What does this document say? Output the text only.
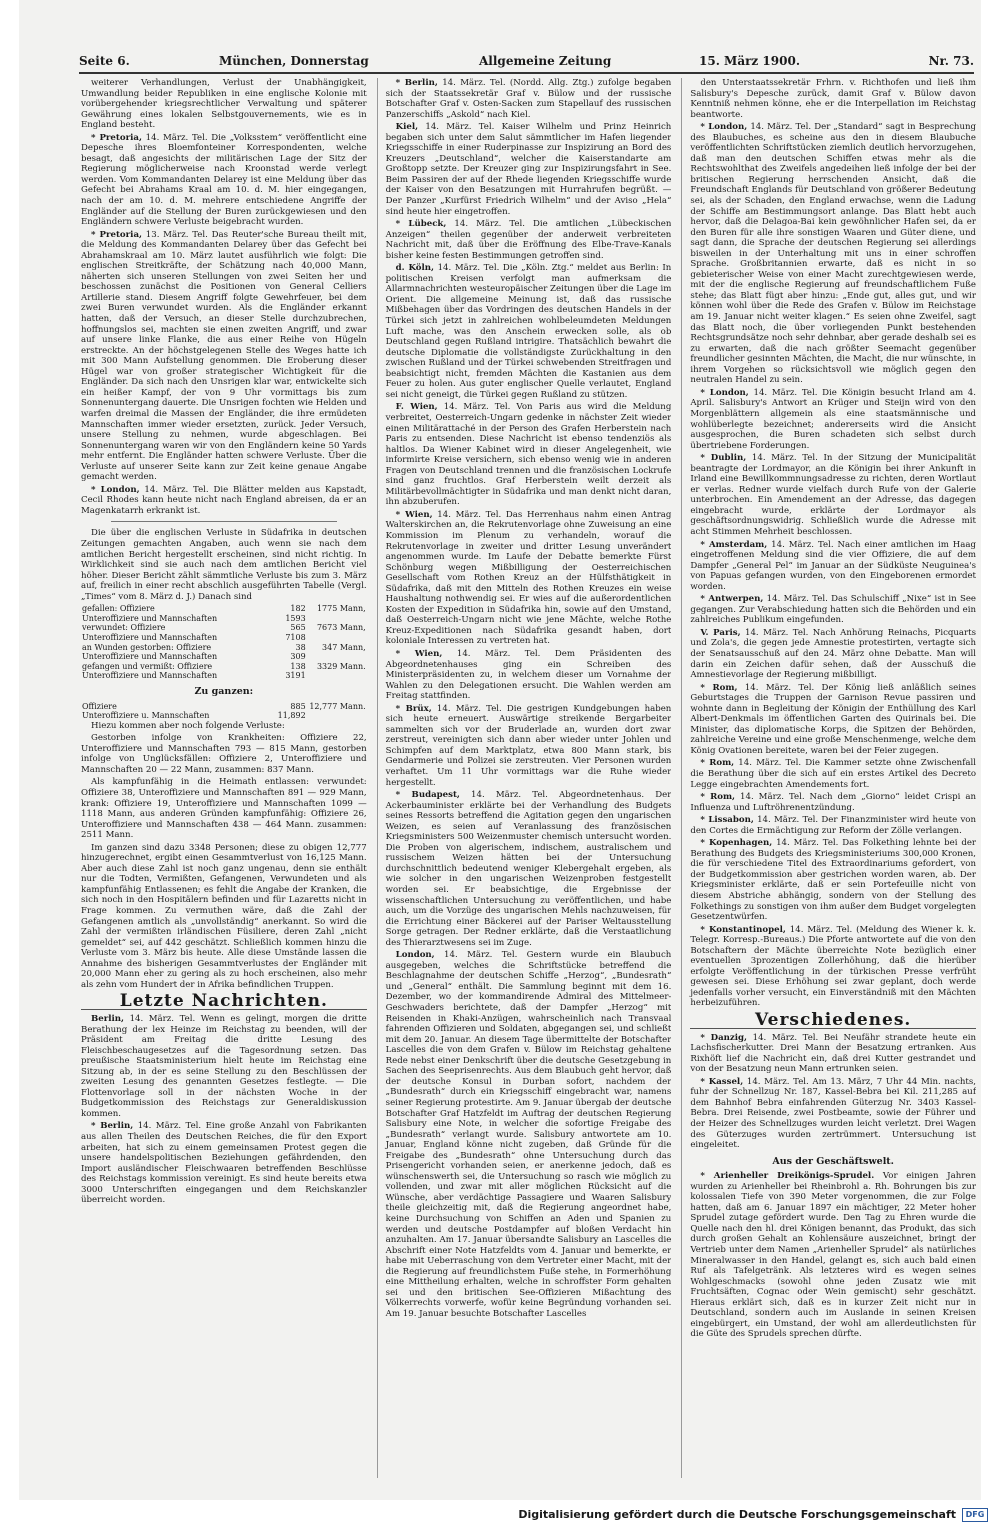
Seite 6.	München, Donnerstag	Allgemeine Zeitung	15. März 1900.	Nr. 73.

weiterer Verhandlungen, Verlust der Unabhängigkeit, Umwandlung beider Republiken in eine englische Kolonie mit vorübergehender kriegsrechtlicher Verwaltung und späterer Gewährung eines lokalen Selbstgouvernements, wie es in England besteht.

* Pretoria, 14. März. Tel. Die „Volksstem“ veröffentlicht eine Depesche ihres Bloemfonteiner Korrespondenten, welche besagt, daß angesichts der militärischen Lage der Sitz der Regierung möglicherweise nach Kroonstad werde verlegt werden. Vom Kommandanten Delarey ist eine Meldung über das Gefecht bei Abrahams Kraal am 10. d. M. hier eingegangen, nach der am 10. d. M. mehrere entschiedene Angriffe der Engländer auf die Stellung der Buren zurückgewiesen und den Engländern schwere Verluste beigebracht wurden.

* Pretoria, 13. März. Tel. Das Reuter'sche Bureau theilt mit, die Meldung des Kommandanten Delarey über das Gefecht bei Abrahamskraal am 10. März lautet ausführlich wie folgt: Die englischen Streitkräfte, der Schätzung nach 40,000 Mann, näherten sich unseren Stellungen von zwei Seiten her und beschossen zunächst die Positionen von General Celliers Artillerie stand. Diesem Angriff folgte Gewehrfeuer, bei dem zwei Buren verwundet wurden. Als die Engländer erkannt hatten, daß der Versuch, an dieser Stelle durchzubrechen, hoffnungslos sei, machten sie einen zweiten Angriff, und zwar auf unsere linke Flanke, die aus einer Reihe von Hügeln erstreckte. An der höchstgelegenen Stelle des Weges hatte ich mit 300 Mann Aufstellung genommen. Die Eroberung dieser Hügel war von großer strategischer Wichtigkeit für die Engländer. Da sich nach den Unsrigen klar war, entwickelte sich ein heißer Kampf, der von 9 Uhr vormittags bis zum Sonnenuntergang dauerte. Die Unsrigen fochten wie Helden und warfen dreimal die Massen der Engländer, die ihre ermüdeten Mannschaften immer wieder ersetzten, zurück. Jeder Versuch, unsere Stellung zu nehmen, wurde abgeschlagen. Bei Sonnenuntergang waren wir von den Engländern keine 50 Yards mehr entfernt. Die Engländer hatten schwere Verluste. Über die Verluste auf unserer Seite kann zur Zeit keine genaue Angabe gemacht werden.

* London, 14. März. Tel. Die Blätter melden aus Kapstadt, Cecil Rhodes kann heute nicht nach England abreisen, da er an Magenkatarrh erkrankt ist.

Die über die englischen Verluste in Südafrika in deutschen Zeitungen gemachten Angaben, auch wenn sie nach dem amtlichen Bericht hergestellt erscheinen, sind nicht richtig. In Wirklichkeit sind sie auch nach dem amtlichen Bericht viel höher. Dieser Bericht zählt sämmtliche Verluste bis zum 3. März auf, freilich in einer recht abschlich ausgeführten Tabelle (Vergl. „Times“ vom 8. März d. J.) Danach sind

gefallen: Offiziere	182	1775 Mann,
Unteroffiziere und Mannschaften	1593	
verwundet: Offiziere	565	7673 Mann,
Unteroffiziere und Mannschaften	7108	
an Wunden gestorben: Offiziere	38	347 Mann,
Unteroffiziere und Mannschaften	309	
gefangen und vermißt: Offiziere	138	3329 Mann.
Unteroffiziere und Mannschaften	3191	
Zu ganzen:
Offiziere	885	12,777 Mann.
Unteroffiziere u. Mannschaften	11,892	

Hiezu kommen aber noch folgende Verluste:

Gestorben infolge von Krankheiten: Offiziere 22, Unteroffiziere und Mannschaften 793 — 815 Mann, gestorben infolge von Unglücksfällen: Offiziere 2, Unteroffiziere und Mannschaften 20 — 22 Mann, zusammen: 837 Mann.

Als kampfunfähig in die Heimath entlassen: verwundet: Offiziere 38, Unteroffiziere und Mannschaften 891 — 929 Mann, krank: Offiziere 19, Unteroffiziere und Mannschaften 1099 — 1118 Mann, aus anderen Gründen kampfunfähig: Offiziere 26, Unteroffiziere und Mannschaften 438 — 464 Mann. zusammen: 2511 Mann.

Im ganzen sind dazu 3348 Personen; diese zu obigen 12,777 hinzugerechnet, ergibt einen Gesammtverlust von 16,125 Mann. Aber auch diese Zahl ist noch ganz ungenau, denn sie enthält nur die Todten, Vermißten, Gefangenen, Verwundeten und als kampfunfähig Entlassenen; es fehlt die Angabe der Kranken, die sich noch in den Hospitälern befinden und für Lazaretts nicht in Frage kommen. Zu vermuthen wäre, daß die Zahl der Gefangenen amtlich als „unvollständig“ anerkannt. So wird die Zahl der vermißten irländischen Füsiliere, deren Zahl „nicht gemeldet“ sei, auf 442 geschätzt. Schließlich kommen hinzu die Verluste vom 3. März bis heute. Alle diese Umstände lassen die Annahme des bisherigen Gesammtverlustes der Engländer mit 20,000 Mann eher zu gering als zu hoch erscheinen, also mehr als zehn vom Hundert der in Afrika befindlichen Truppen.

Letzte Nachrichten.

Berlin, 14. März. Tel. Wenn es gelingt, morgen die dritte Berathung der lex Heinze im Reichstag zu beenden, will der Präsident am Freitag die dritte Lesung des Fleischbeschaugesetzes auf die Tagesordnung setzen. Das preußische Staatsministerium hielt heute im Reichstag eine Sitzung ab, in der es seine Stellung zu den Beschlüssen der zweiten Lesung des genannten Gesetzes festlegte. — Die Flottenvorlage soll in der nächsten Woche in der Budgetkommission des Reichstags zur Generaldiskussion kommen.

* Berlin, 14. März. Tel. Eine große Anzahl von Fabrikanten aus allen Theilen des Deutschen Reiches, die für den Export arbeiten, hat sich zu einem gemeinsamen Protest gegen die unsere handelspolitischen Beziehungen gefährdenden, den Import ausländischer Fleischwaaren betreffenden Beschlüsse des Reichstags kommission vereinigt. Es sind heute bereits etwa 3000 Unterschriften eingegangen und dem Reichskanzler überreicht worden.

* Berlin, 14. März. Tel. (Nordd. Allg. Ztg.) zufolge begaben sich der Staatssekretär Graf v. Bülow und der russische Botschafter Graf v. Osten-Sacken zum Stapellauf des russischen Panzerschiffs „Askold“ nach Kiel.

Kiel, 14. März. Tel. Kaiser Wilhelm und Prinz Heinrich begaben sich unter dem Salut sämmtlicher im Hafen liegender Kriegsschiffe in einer Ruderpinasse zur Inspizirung an Bord des Kreuzers „Deutschland“, welcher die Kaiserstandarte am Großtopp setzte. Der Kreuzer ging zur Inspizirungsfahrt in See. Beim Passiren der auf der Rhede liegenden Kriegsschiffe wurde der Kaiser von den Besatzungen mit Hurrahrufen begrüßt. — Der Panzer „Kurfürst Friedrich Wilhelm“ und der Aviso „Hela“ sind heute hier eingetroffen.

* Lübeck, 14. März. Tel. Die amtlichen „Lübeckischen Anzeigen“ theilen gegenüber der anderweit verbreiteten Nachricht mit, daß über die Eröffnung des Elbe-Trave-Kanals bisher keine festen Bestimmungen getroffen sind.

d. Köln, 14. März. Tel. Die „Köln. Ztg.“ meldet aus Berlin: In politischen Kreisen verfolgt man aufmerksam die Allarmnachrichten westeuropäischer Zeitungen über die Lage im Orient. Die allgemeine Meinung ist, daß das russische Mißbehagen über das Vordringen des deutschen Handels in der Türkei sich jetzt in zahlreichen wohlbeleumdeten Meldungen Luft mache, was den Anschein erwecken solle, als ob Deutschland gegen Rußland intrigire. Thatsächlich bewahrt die deutsche Diplomatie die vollständigste Zurückhaltung in den zwischen Rußland und der Türkei schwebenden Streitfragen und beabsichtigt nicht, fremden Mächten die Kastanien aus dem Feuer zu holen. Aus guter englischer Quelle verlautet, England sei nicht geneigt, die Türkei gegen Rußland zu stützen.

F. Wien, 14. März. Tel. Von Paris aus wird die Meldung verbreitet, Oesterreich-Ungarn gedenke in nächster Zeit wieder einen Militärattaché in der Person des Grafen Herberstein nach Paris zu entsenden. Diese Nachricht ist ebenso tendenziös als haltlos. Da Wiener Kabinet wird in dieser Angelegenheit, wie informirte Kreise versichern, sich ebenso wenig wie in anderen Fragen von Deutschland trennen und die französischen Lockrufe sind ganz fruchtlos. Graf Herberstein weilt derzeit als Militärbevollmächtigter in Südafrika und man denkt nicht daran, ihn abzuberufen.

* Wien, 14. März. Tel. Das Herrenhaus nahm einen Antrag Walterskirchen an, die Rekrutenvorlage ohne Zuweisung an eine Kommission im Plenum zu verhandeln, worauf die Rekrutenvorlage in zweiter und dritter Lesung unverändert angenommen wurde. Im Laufe der Debatte bemerkte Fürst Schönburg wegen Mißbilligung der Oesterreichischen Gesellschaft vom Rothen Kreuz an der Hülfsthätigkeit in Südafrika, daß mit den Mitteln des Rothen Kreuzes ein weise Haushaltung nothwendig sei. Er wies auf die außerordentlichen Kosten der Expedition in Südafrika hin, sowie auf den Umstand, daß Oesterreich-Ungarn nicht wie jene Mächte, welche Rothe Kreuz-Expeditionen nach Südafrika gesandt haben, dort koloniale Interessen zu vertreten hat.

* Wien, 14. März. Tel. Dem Präsidenten des Abgeordnetenhauses ging ein Schreiben des Ministerpräsidenten zu, in welchem dieser um Vornahme der Wahlen zu den Delegationen ersucht. Die Wahlen werden am Freitag stattfinden.

* Brüx, 14. März. Tel. Die gestrigen Kundgebungen haben sich heute erneuert. Auswärtige streikende Bergarbeiter sammelten sich vor der Bruderlade an, wurden dort zwar zerstreut, vereinigten sich dann aber wieder unter Johlen und Schimpfen auf dem Marktplatz, etwa 800 Mann stark, bis Gendarmerie und Polizei sie zerstreuten. Vier Personen wurden verhaftet. Um 11 Uhr vormittags war die Ruhe wieder hergestellt.

* Budapest, 14. März. Tel. Abgeordnetenhaus. Der Ackerbauminister erklärte bei der Verhandlung des Budgets seines Ressorts betreffend die Agitation gegen den ungarischen Weizen, es seien auf Veranlassung des französischen Kriegsministers 500 Weizenmuster chemisch untersucht worden. Die Proben von algerischem, indischem, australischem und russischem Weizen hätten bei der Untersuchung durchschnittlich bedeutend weniger Klebergehalt ergeben, als wie solcher in den ungarischen Weizenproben festgestellt worden sei. Er beabsichtige, die Ergebnisse der wissenschaftlichen Untersuchung zu veröffentlichen, und habe auch, um die Vorzüge des ungarischen Mehls nachzuweisen, für die Errichtung einer Bäckerei auf der Pariser Weltausstellung Sorge getragen. Der Redner erklärte, daß die Verstaatlichung des Thierarztwesens sei im Zuge.

London, 14. März. Tel. Gestern wurde ein Blaubuch ausgegeben, welches die Schriftstücke betreffend die Beschlagnahme der deutschen Schiffe „Herzog“, „Bundesrath“ und „General“ enthält. Die Sammlung beginnt mit dem 16. Dezember, wo der kommandirende Admiral des Mittelmeer-Geschwaders berichtete, daß der Dampfer „Herzog“ mit Reisenden in Khaki-Anzügen, wahrscheinlich nach Transvaal fahrenden Offizieren und Soldaten, abgegangen sei, und schließt mit dem 20. Januar. An diesem Tage übermittelte der Botschafter Lascelles die von dem Grafen v. Bülow im Reichstag gehaltene Rede nebst einer Denkschrift über die deutsche Gesetzgebung in Sachen des Seeprisenrechts. Aus dem Blaubuch geht hervor, daß der deutsche Konsul in Durban sofort, nachdem der „Bundesrath“ durch ein Kriegsschiff eingebracht war, namens seiner Regierung protestirte. Am 9. Januar übergab der deutsche Botschafter Graf Hatzfeldt im Auftrag der deutschen Regierung Salisbury eine Note, in welcher die sofortige Freigabe des „Bundesrath“ verlangt wurde. Salisbury antwortete am 10. Januar, England könne nicht zugeben, daß Gründe für die Freigabe des „Bundesrath“ ohne Untersuchung durch das Prisengericht vorhanden seien, er anerkenne jedoch, daß es wünschenswerth sei, die Untersuchung so rasch wie möglich zu vollenden, und zwar mit aller möglichen Rücksicht auf die Wünsche, aber verdächtige Passagiere und Waaren Salisbury theile gleichzeitig mit, daß die Regierung angeordnet habe, keine Durchsuchung von Schiffen an Aden und Spanien zu werden und deutsche Postdampfer auf bloßen Verdacht hin anzuhalten. Am 17. Januar übersandte Salisbury an Lascelles die Abschrift einer Note Hatzfeldts vom 4. Januar und bemerkte, er habe mit Ueberraschung von dem Vertreter einer Macht, mit der die Regierung auf freundlichstem Fuße stehe, in Formerhöhung eine Mittheilung erhalten, welche in schroffster Form gehalten sei und den britischen See-Offizieren Mißachtung des Völkerrechts vorwerfe, wofür keine Begründung vorhanden sei. Am 19. Januar besuchte Botschafter Lascelles

den Unterstaatssekretär Frhrn. v. Richthofen und ließ ihm Salisbury's Depesche zurück, damit Graf v. Bülow davon Kenntniß nehmen könne, ehe er die Interpellation im Reichstag beantworte.

* London, 14. März. Tel. Der „Standard“ sagt in Besprechung des Blaubuches, es scheine aus den in diesem Blaubuche veröffentlichten Schriftstücken ziemlich deutlich hervorzugehen, daß man den deutschen Schiffen etwas mehr als die Rechtswohlthat des Zweifels angedeihen ließ infolge der bei der britischen Regierung herrschenden Ansicht, daß die Freundschaft Englands für Deutschland von größerer Bedeutung sei, als der Schaden, den England erwachse, wenn die Ladung der Schiffe am Bestimmungsort anlange. Das Blatt hebt auch hervor, daß die Delagoa-Bai kein gewöhnlicher Hafen sei, da er den Buren für alle ihre sonstigen Waaren und Güter diene, und sagt dann, die Sprache der deutschen Regierung sei allerdings bisweilen in der Unterhaltung mit uns in einer schroffen Sprache. Großbritannien erwarte, daß es nicht in so gebieterischer Weise von einer Macht zurechtgewiesen werde, mit der die englische Regierung auf freundschaftlichem Fuße stehe; das Blatt fügt aber hinzu: „Ende gut, alles gut, und wir können wohl über die Rede des Grafen v. Bülow im Reichstage am 19. Januar nicht weiter klagen.“ Es seien ohne Zweifel, sagt das Blatt noch, die über vorliegenden Punkt bestehenden Rechtsgrundsätze noch sehr dehnbar, aber gerade deshalb sei es zu erwarten, daß die nach größter Seemacht gegenüber freundlicher gesinnten Mächten, die Macht, die nur wünschte, in ihrem Vorgehen so rücksichtsvoll wie möglich gegen den neutralen Handel zu sein.

* London, 14. März. Tel. Die Königin besucht Irland am 4. April. Salisbury's Antwort an Krüger und Steijn wird von den Morgenblättern allgemein als eine staatsmännische und wohlüberlegte bezeichnet; andererseits wird die Ansicht ausgesprochen, die Buren schadeten sich selbst durch übertriebene Forderungen.

* Dublin, 14. März. Tel. In der Sitzung der Municipalität beantragte der Lordmayor, an die Königin bei ihrer Ankunft in Irland eine Bewillkommnungsadresse zu richten, deren Wortlaut er verlas. Redner wurde vielfach durch Rufe von der Galerie unterbrochen. Ein Amendement an der Adresse, das dagegen eingebracht wurde, erklärte der Lordmayor als geschäftsordnungswidrig. Schließlich wurde die Adresse mit acht Stimmen Mehrheit beschlossen.

* Amsterdam, 14. März. Tel. Nach einer amtlichen im Haag eingetroffenen Meldung sind die vier Offiziere, die auf dem Dampfer „General Pel“ im Januar an der Südküste Neuguinea's von Papuas gefangen wurden, von den Eingeborenen ermordet worden.

* Antwerpen, 14. März. Tel. Das Schulschiff „Nixe“ ist in See gegangen. Zur Verabschiedung hatten sich die Behörden und ein zahlreiches Publikum eingefunden.

V. Paris, 14. März. Tel. Nach Anhörung Reinachs, Picquarts und Zola's, die gegen jede Amnestie protestirten, vertagte sich der Senatsausschuß auf den 24. März ohne Debatte. Man will darin ein Zeichen dafür sehen, daß der Ausschuß die Amnestievorlage der Regierung mißbilligt.

* Rom, 14. März. Tel. Der König ließ anläßlich seines Geburtstages die Truppen der Garnison Revue passiren und wohnte dann in Begleitung der Königin der Enthüllung des Karl Albert-Denkmals im öffentlichen Garten des Quirinals bei. Die Minister, das diplomatische Korps, die Spitzen der Behörden, zahlreiche Vereine und eine große Menschenmenge, welche dem König Ovationen bereitete, waren bei der Feier zugegen.

* Rom, 14. März. Tel. Die Kammer setzte ohne Zwischenfall die Berathung über die sich auf ein erstes Artikel des Decreto Legge eingebrachten Amendements fort.

* Rom, 14. März. Tel. Nach dem „Giorno“ leidet Crispi an Influenza und Luftröhrenentzündung.

* Lissabon, 14. März. Tel. Der Finanzminister wird heute von den Cortes die Ermächtigung zur Reform der Zölle verlangen.

* Kopenhagen, 14. März. Tel. Das Folkething lehnte bei der Berathung des Budgets des Kriegsministeriums 300,000 Kronen, die für verschiedene Titel des Extraordinariums gefordert, von der Budgetkommission aber gestrichen worden waren, ab. Der Kriegsminister erklärte, daß er sein Portefeuille nicht von diesem Abstriche abhängig, sondern von der Stellung des Folkethings zu sonstigen von ihm außer dem Budget vorgelegten Gesetzentwürfen.

* Konstantinopel, 14. März. Tel. (Meldung des Wiener k. k. Telegr. Korresp.-Bureaus.) Die Pforte antwortete auf die von den Botschaftern der Mächte überreichte Note bezüglich einer eventuellen 3prozentigen Zollerhöhung, daß die hierüber erfolgte Veröffentlichung in der türkischen Presse verfrüht gewesen sei. Diese Erhöhung sei zwar geplant, doch werde jedenfalls vorher versucht, ein Einverständniß mit den Mächten herbeizuführen.

Verschiedenes.

* Danzig, 14. März. Tel. Bei Neufähr strandete heute ein Lachsfischerkutter. Drei Mann der Besatzung ertranken. Aus Rixhöft lief die Nachricht ein, daß drei Kutter gestrandet und von der Besatzung neun Mann ertrunken seien.

* Kassel, 14. März. Tel. Am 13. März, 7 Uhr 44 Min. nachts, fuhr der Schnellzug Nr. 187, Kassel-Bebra bei Kil. 211,285 auf dem Bahnhof Bebra einfahrenden Güterzug Nr. 3403 Kassel-Bebra. Drei Reisende, zwei Postbeamte, sowie der Führer und der Heizer des Schnellzuges wurden leicht verletzt. Drei Wagen des Güterzuges wurden zertrümmert. Untersuchung ist eingeleitet.

Aus der Geschäftswelt.

* Arienheller Dreikönigs-Sprudel. Vor einigen Jahren wurden zu Arienheller bei Rheinbrohl a. Rh. Bohrungen bis zur kolossalen Tiefe von 390 Meter vorgenommen, die zur Folge hatten, daß am 6. Januar 1897 ein mächtiger, 22 Meter hoher Sprudel zutage gefördert wurde. Den Tag zu Ehren wurde die Quelle nach den hl. drei Königen benannt, das Produkt, das sich durch großen Gehalt an Kohlensäure auszeichnet, bringt der Vertrieb unter dem Namen „Arienheller Sprudel“ als natürliches Mineralwasser in den Handel, gelangt es, sich auch bald einen Ruf als Tafelgetränk. Als letzteres wird es wegen seines Wohlgeschmacks (sowohl ohne jeden Zusatz wie mit Fruchtsäften, Cognac oder Wein gemischt) sehr geschätzt. Hieraus erklärt sich, daß es in kurzer Zeit nicht nur in Deutschland, sondern auch im Auslande in seinen Kreisen eingebürgert, ein Umstand, der wohl am allerdeutlichsten für die Güte des Sprudels sprechen dürfte.

Digitalisierung gefördert durch die Deutsche Forschungsgemeinschaft	DFG
